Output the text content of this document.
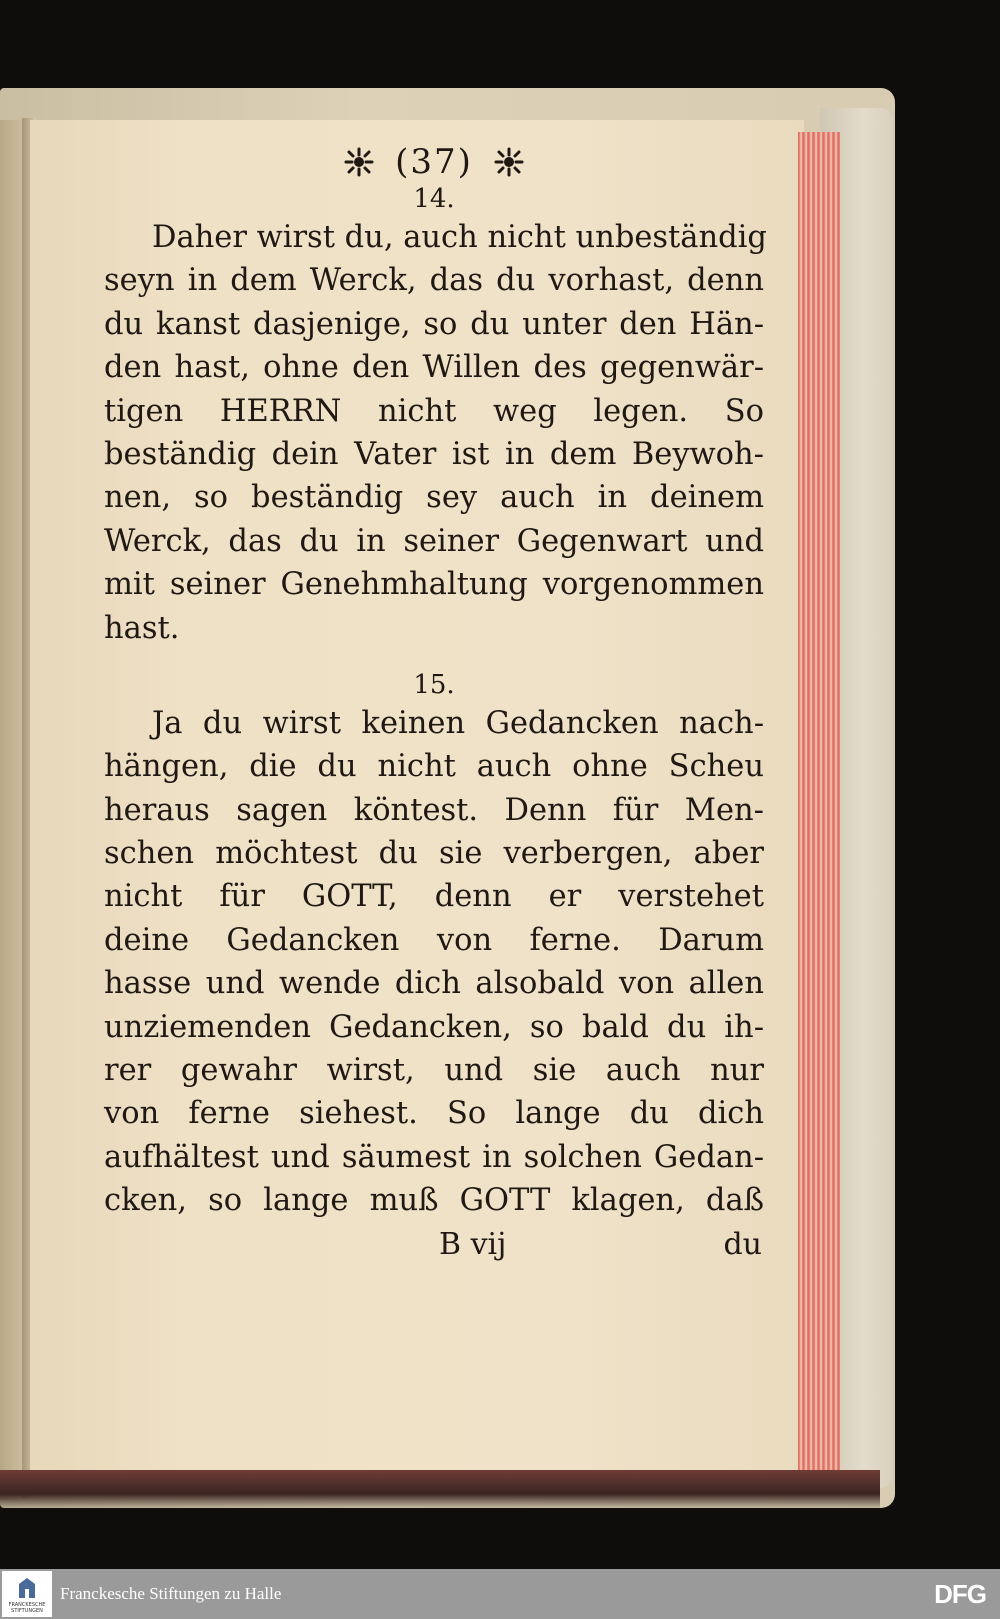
(37)
14.
Daher wirst du, auch nicht unbeständig
seyn in dem Werck, das du vorhast, denn
du kanst dasjenige, so du unter den Hän-
den hast, ohne den Willen des gegenwär-
tigen HERRN nicht weg legen. So
beständig dein Vater ist in dem Beywoh-
nen, so beständig sey auch in deinem
Werck, das du in seiner Gegenwart und
mit seiner Genehmhaltung vorgenommen
hast.
15.
Ja du wirst keinen Gedancken nach-
hängen, die du nicht auch ohne Scheu
heraus sagen köntest. Denn für Men-
schen möchtest du sie verbergen, aber
nicht für GOTT, denn er verstehet
deine Gedancken von ferne. Darum
hasse und wende dich alsobald von allen
unziemenden Gedancken, so bald du ih-
rer gewahr wirst, und sie auch nur
von ferne siehest. So lange du dich
aufhältest und säumest in solchen Gedan-
cken, so lange muß GOTT klagen, daß
B vij	du
FRANCKESCHE STIFTUNGEN
Franckesche Stiftungen zu Halle	DFG
